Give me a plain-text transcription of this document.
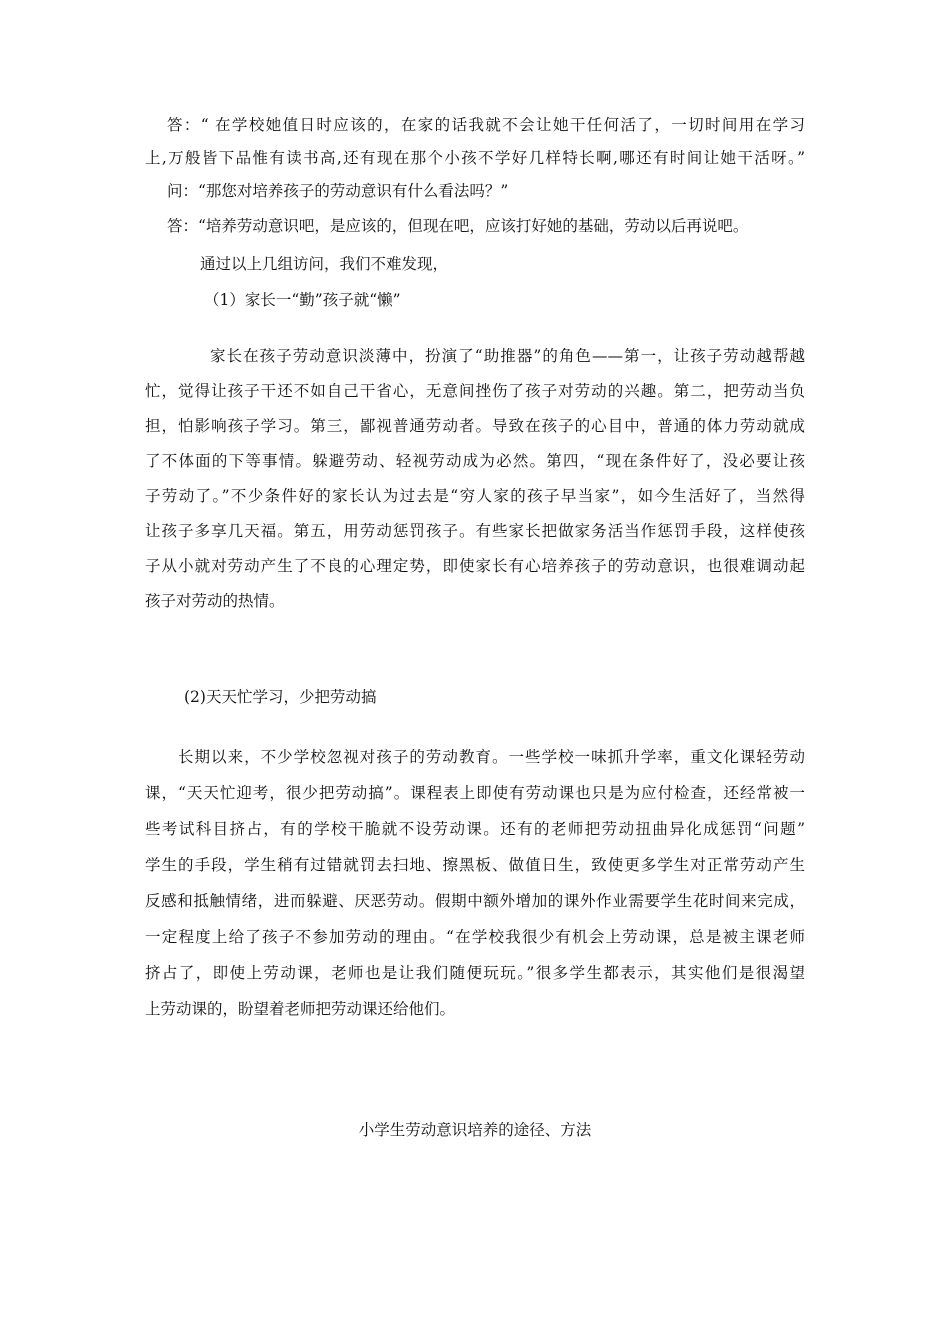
答：“ 在学校她值日时应该的，在家的话我就不会让她干任何活了，一切时间用在学习
上,万般皆下品惟有读书高,还有现在那个小孩不学好几样特长啊,哪还有时间让她干活呀。”
问：“那您对培养孩子的劳动意识有什么看法吗？”
答：“培养劳动意识吧，是应该的，但现在吧，应该打好她的基础，劳动以后再说吧。
通过以上几组访问，我们不难发现，
（1）家长一“勤”孩子就“懒”
家长在孩子劳动意识淡薄中，扮演了“助推器”的角色——第一，让孩子劳动越帮越
忙，觉得让孩子干还不如自己干省心，无意间挫伤了孩子对劳动的兴趣。第二，把劳动当负
担，怕影响孩子学习。第三，鄙视普通劳动者。导致在孩子的心目中，普通的体力劳动就成
了不体面的下等事情。躲避劳动、轻视劳动成为必然。第四，“现在条件好了，没必要让孩
子劳动了。”不少条件好的家长认为过去是“穷人家的孩子早当家”，如今生活好了，当然得
让孩子多享几天福。第五，用劳动惩罚孩子。有些家长把做家务活当作惩罚手段，这样使孩
子从小就对劳动产生了不良的心理定势，即使家长有心培养孩子的劳动意识，也很难调动起
孩子对劳动的热情。
(2)天天忙学习，少把劳动搞
长期以来，不少学校忽视对孩子的劳动教育。一些学校一味抓升学率，重文化课轻劳动
课，“天天忙迎考，很少把劳动搞”。课程表上即使有劳动课也只是为应付检查，还经常被一
些考试科目挤占，有的学校干脆就不设劳动课。还有的老师把劳动扭曲异化成惩罚“问题”
学生的手段，学生稍有过错就罚去扫地、擦黑板、做值日生，致使更多学生对正常劳动产生
反感和抵触情绪，进而躲避、厌恶劳动。假期中额外增加的课外作业需要学生花时间来完成，
一定程度上给了孩子不参加劳动的理由。“在学校我很少有机会上劳动课，总是被主课老师
挤占了，即使上劳动课，老师也是让我们随便玩玩。”很多学生都表示，其实他们是很渴望
上劳动课的，盼望着老师把劳动课还给他们。
小学生劳动意识培养的途径、方法
